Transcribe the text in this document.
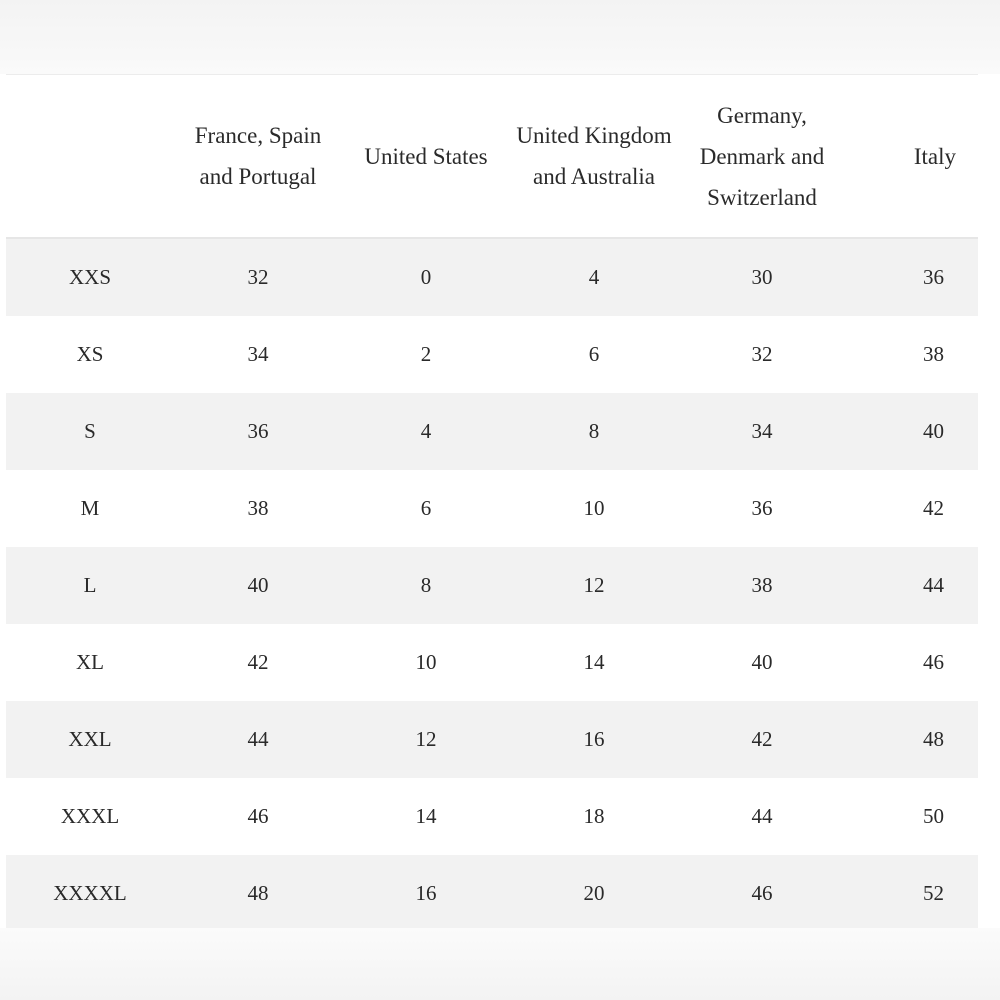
	France, Spain and Portugal	United States	United Kingdom and Australia	Germany, Denmark and Switzerland	Italy
XXS	32	0	4	30	36
XS	34	2	6	32	38
S	36	4	8	34	40
M	38	6	10	36	42
L	40	8	12	38	44
XL	42	10	14	40	46
XXL	44	12	16	42	48
XXXL	46	14	18	44	50
XXXXL	48	16	20	46	52
